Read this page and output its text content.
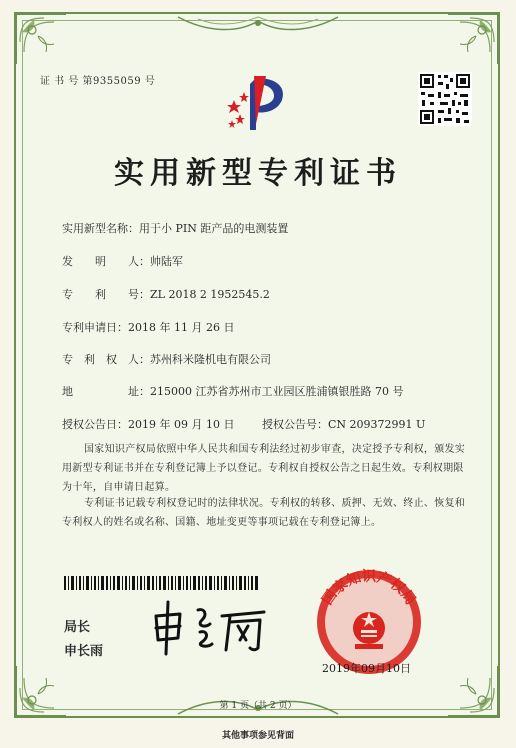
证 书 号 第9355059 号
实用新型专利证书
实用新型名称：用于小 PIN 距产品的电测装置
发　　明　　人：帅陆军
专　　利　　号：ZL 2018 2 1952545.2
专利申请日：2018 年 11 月 26 日
专　利　权　人：苏州科米隆机电有限公司
地　　　　　址：215000 江苏省苏州市工业园区胜浦镇银胜路 70 号
授权公告日：2019 年 09 月 10 日	授权公告号：CN 209372991 U
国家知识产权局依照中华人民共和国专利法经过初步审查，决定授予专利权，颁发实用新型专利证书并在专利登记簿上予以登记。专利权自授权公告之日起生效。专利权期限为十年，自申请日起算。
专利证书记载专利权登记时的法律状况。专利权的转移、质押、无效、终止、恢复和专利权人的姓名或名称、国籍、地址变更等事项记载在专利登记簿上。
局长
申长雨
国家知识产权局
2019年09月10日
第 1 页（共 2 页）
其他事项参见背面
